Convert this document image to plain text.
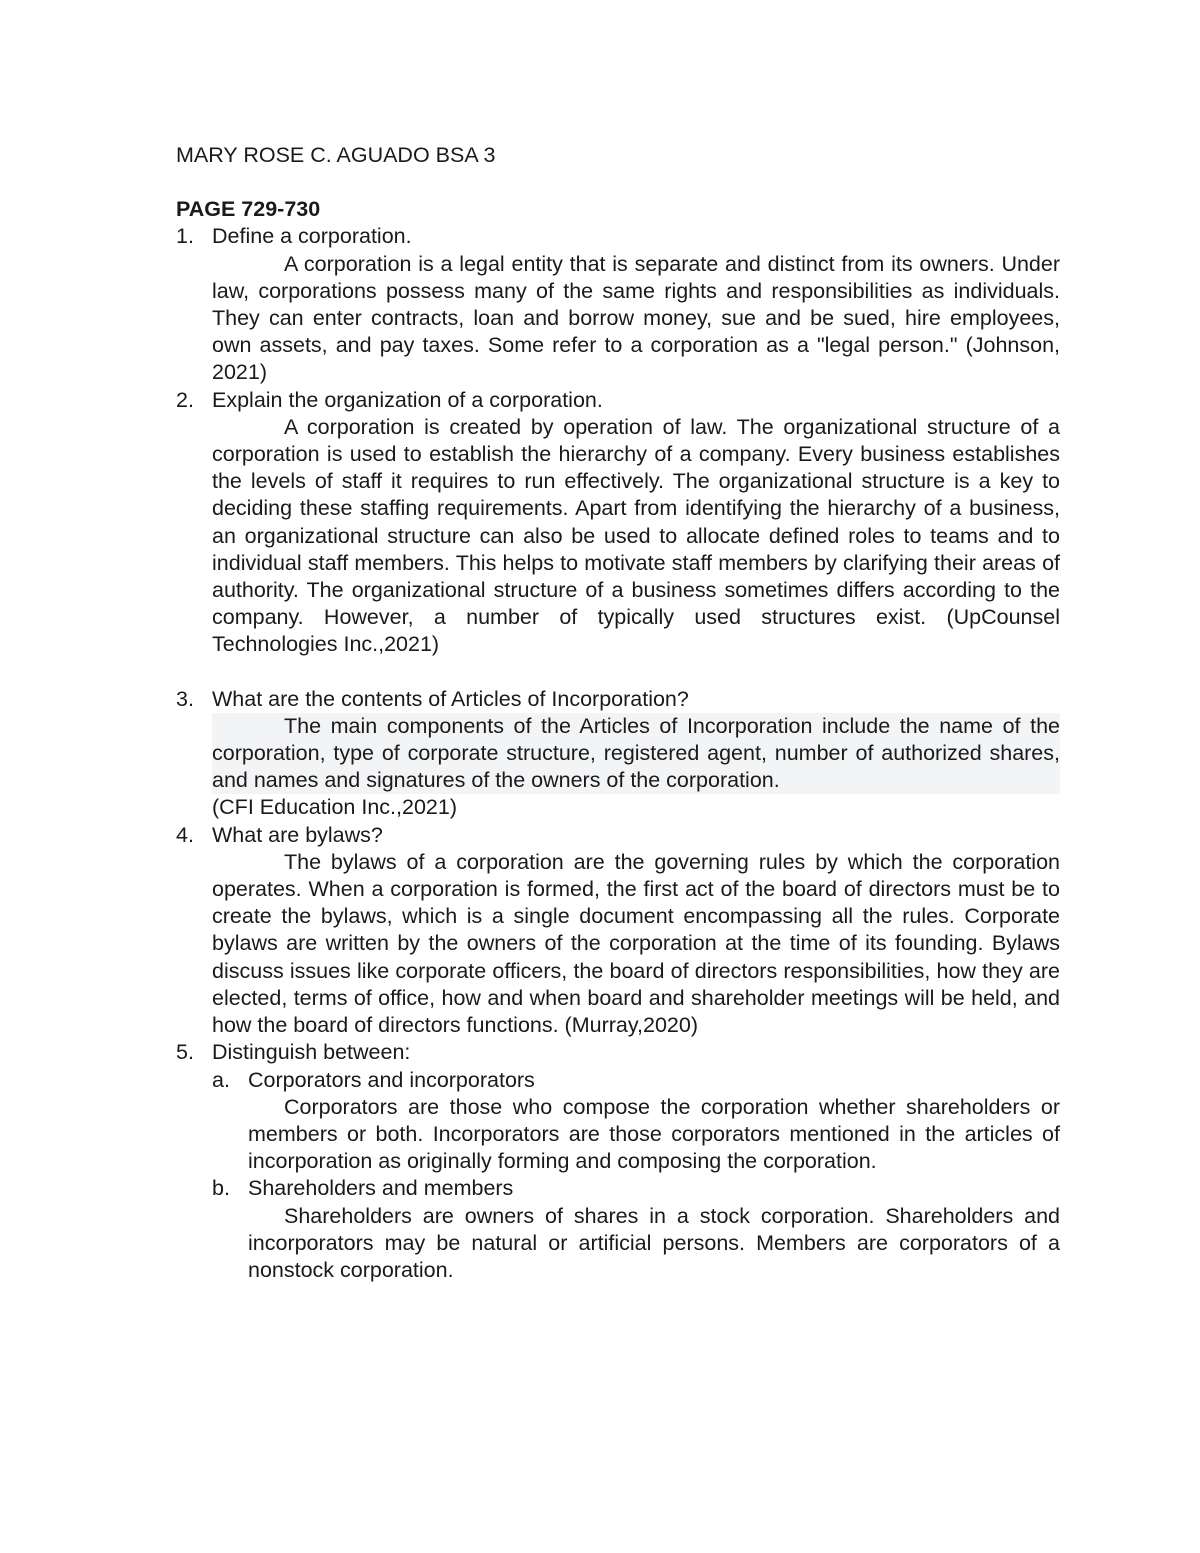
MARY ROSE C. AGUADO BSA 3
PAGE 729-730
1. Define a corporation.
A corporation is a legal entity that is separate and distinct from its owners. Under law, corporations possess many of the same rights and responsibilities as individuals. They can enter contracts, loan and borrow money, sue and be sued, hire employees, own assets, and pay taxes. Some refer to a corporation as a "legal person." (Johnson, 2021)
2. Explain the organization of a corporation.
A corporation is created by operation of law. The organizational structure of a corporation is used to establish the hierarchy of a company. Every business establishes the levels of staff it requires to run effectively. The organizational structure is a key to deciding these staffing requirements. Apart from identifying the hierarchy of a business, an organizational structure can also be used to allocate defined roles to teams and to individual staff members. This helps to motivate staff members by clarifying their areas of authority. The organizational structure of a business sometimes differs according to the company. However, a number of typically used structures exist. (UpCounsel Technologies Inc.,2021)
3. What are the contents of Articles of Incorporation?
The main components of the Articles of Incorporation include the name of the corporation, type of corporate structure, registered agent, number of authorized shares, and names and signatures of the owners of the corporation.
(CFI Education Inc.,2021)
4. What are bylaws?
The bylaws of a corporation are the governing rules by which the corporation operates. When a corporation is formed, the first act of the board of directors must be to create the bylaws, which is a single document encompassing all the rules. Corporate bylaws are written by the owners of the corporation at the time of its founding. Bylaws discuss issues like corporate officers, the board of directors responsibilities, how they are elected, terms of office, how and when board and shareholder meetings will be held, and how the board of directors functions. (Murray,2020)
5. Distinguish between:
a. Corporators and incorporators
Corporators are those who compose the corporation whether shareholders or members or both. Incorporators are those corporators mentioned in the articles of incorporation as originally forming and composing the corporation.
b. Shareholders and members
Shareholders are owners of shares in a stock corporation. Shareholders and incorporators may be natural or artificial persons. Members are corporators of a nonstock corporation.
